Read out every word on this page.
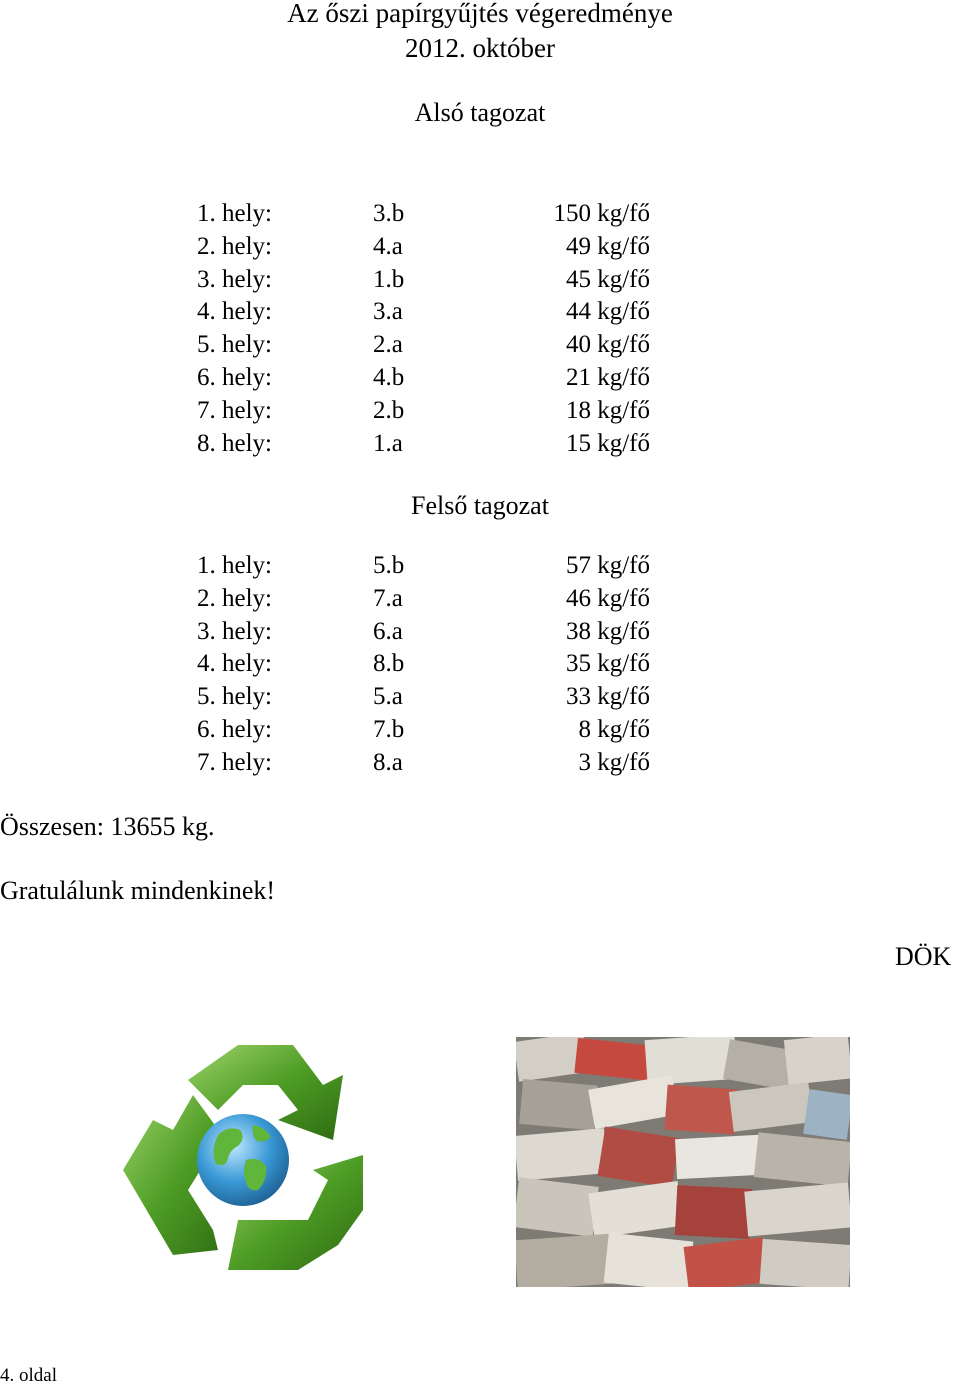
Az őszi papírgyűjtés végeredménye
2012. október
Alsó tagozat
1. hely:	3.b	150 kg/fő
2. hely:	4.a	49 kg/fő
3. hely:	1.b	45 kg/fő
4. hely:	3.a	44 kg/fő
5. hely:	2.a	40 kg/fő
6. hely:	4.b	21 kg/fő
7. hely:	2.b	18 kg/fő
8. hely:	1.a	15 kg/fő
Felső tagozat
1. hely:	5.b	57 kg/fő
2. hely:	7.a	46 kg/fő
3. hely:	6.a	38 kg/fő
4. hely:	8.b	35 kg/fő
5. hely:	5.a	33 kg/fő
6. hely:	7.b	8 kg/fő
7. hely:	8.a	3 kg/fő
Összesen: 13655 kg.
Gratulálunk mindenkinek!
DÖK
4. oldal
